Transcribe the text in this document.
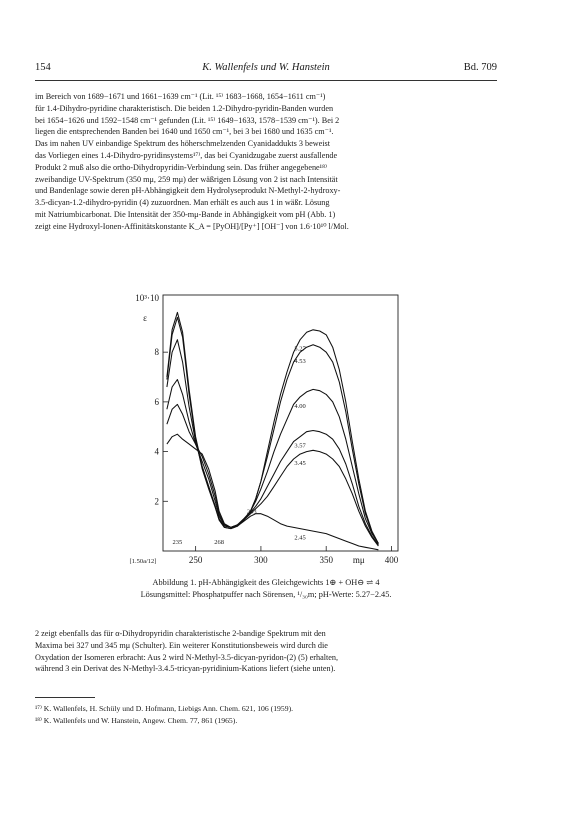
154	K. Wallenfels und W. Hanstein	Bd. 709
im Bereich von 1689−1671 und 1661−1639 cm⁻¹ (Lit. ¹⁵⁾ 1683−1668, 1654−1611 cm⁻¹)
für 1.4-Dihydro-pyridine charakteristisch. Die beiden 1.2-Dihydro-pyridin-Banden wurden
bei 1654−1626 und 1592−1548 cm⁻¹ gefunden (Lit. ¹⁵⁾ 1649−1633, 1578−1539 cm⁻¹). Bei 2
liegen die entsprechenden Banden bei 1640 und 1650 cm⁻¹, bei 3 bei 1680 und 1635 cm⁻¹.
Das im nahen UV einbandige Spektrum des höherschmelzenden Cyanidaddukts 3 beweist
das Vorliegen eines 1.4-Dihydro-pyridinsystems¹⁷⁾, das bei Cyanidzugabe zuerst ausfallende
Produkt 2 muß also die ortho-Dihydropyridin-Verbindung sein. Das früher angegebene¹⁸⁾
zweibandige UV-Spektrum (350 mμ, 259 mμ) der wäßrigen Lösung von 2 ist nach Intensität
und Bandenlage sowie deren pH-Abhängigkeit dem Hydrolyseprodukt N-Methyl-2-hydroxy-
3.5-dicyan-1.2-dihydro-pyridin (4) zuzuordnen. Man erhält es auch aus 1 in wäßr. Lösung
mit Natriumbicarbonat. Die Intensität der 350-mμ-Bande in Abhängigkeit vom pH (Abb. 1)
zeigt eine Hydroxyl-Ionen-Affinitätskonstante K_A = [PyOH]/[Py⁺] [OH⁻] von 1.6·10¹⁰ l/Mol.
2
4
6
8
250	300	350	400
mμ
10³·10
ε
[1.50a/12]
5.27
4.53
4.00
3.57
3.45
2.45
235	268
293
Abbildung 1. pH-Abhängigkeit des Gleichgewichts 1⊕ + OH⊖ ⇌ 4
Lösungsmittel: Phosphatpuffer nach Sörensen, ¹/₃₀m; pH-Werte: 5.27−2.45.
2 zeigt ebenfalls das für α-Dihydropyridin charakteristische 2-bandige Spektrum mit den
Maxima bei 327 und 345 mμ (Schulter). Ein weiterer Konstitutionsbeweis wird durch die
Oxydation der Isomeren erbracht: Aus 2 wird N-Methyl-3.5-dicyan-pyridon-(2) (5) erhalten,
während 3 ein Derivat des N-Methyl-3.4.5-tricyan-pyridinium-Kations liefert (siehe unten).
¹⁷⁾ K. Wallenfels, H. Schüly und D. Hofmann, Liebigs Ann. Chem. 621, 106 (1959).
¹⁸⁾ K. Wallenfels und W. Hanstein, Angew. Chem. 77, 861 (1965).
